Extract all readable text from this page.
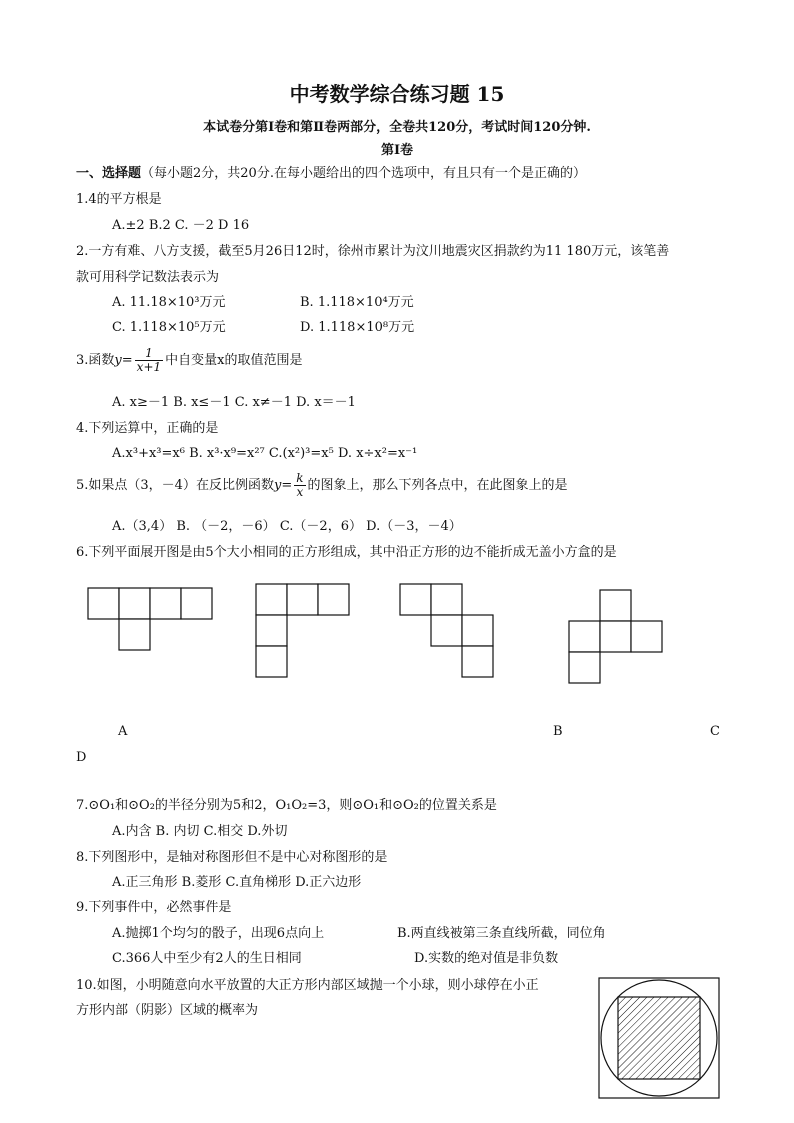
中考数学综合练习题 15
本试卷分第Ⅰ卷和第Ⅱ卷两部分，全卷共120分，考试时间120分钟.
第Ⅰ卷
一、选择题（每小题2分，共20分.在每小题给出的四个选项中，有且只有一个是正确的）
1.4的平方根是
A.±2 B.2 C. －2 D 16
2.一方有难、八方支援，截至5月26日12时，徐州市累计为汶川地震灾区捐款约为11 180万元，该笔善
款可用科学记数法表示为
A. 11.18×10³万元	B. 1.118×10⁴万元
C. 1.118×10⁵万元	D. 1.118×10⁸万元
3.函数$y= \frac{1}{x+1}$ 中自变量x的取值范围是
A. x≥－1 B. x≤－1 C. x≠－1 D. x＝－1
4.下列运算中，正确的是
A.x³+x³=x⁶ B. x³·x⁹=x²⁷ C.(x²)³=x⁵ D. x÷x²=x⁻¹
5.如果点（3，－4）在反比例函数$y= \frac{k}{x}$ 的图象上，那么下列各点中，在此图象上的是
A.（3,4） B. （－2，－6） C.（－2，6） D.（－3，－4）
6.下列平面展开图是由5个大小相同的正方形组成，其中沿正方形的边不能折成无盖小方盒的是
A	B	C
D
7.⊙O₁和⊙O₂的半径分别为5和2，O₁O₂=3，则⊙O₁和⊙O₂的位置关系是
A.内含 B. 内切 C.相交 D.外切
8.下列图形中，是轴对称图形但不是中心对称图形的是
A.正三角形 B.菱形 C.直角梯形 D.正六边形
9.下列事件中，必然事件是
A.抛掷1个均匀的骰子，出现6点向上	B.两直线被第三条直线所截，同位角
C.366人中至少有2人的生日相同	D.实数的绝对值是非负数
10.如图，小明随意向水平放置的大正方形内部区域抛一个小球，则小球停在小正
方形内部（阴影）区域的概率为
